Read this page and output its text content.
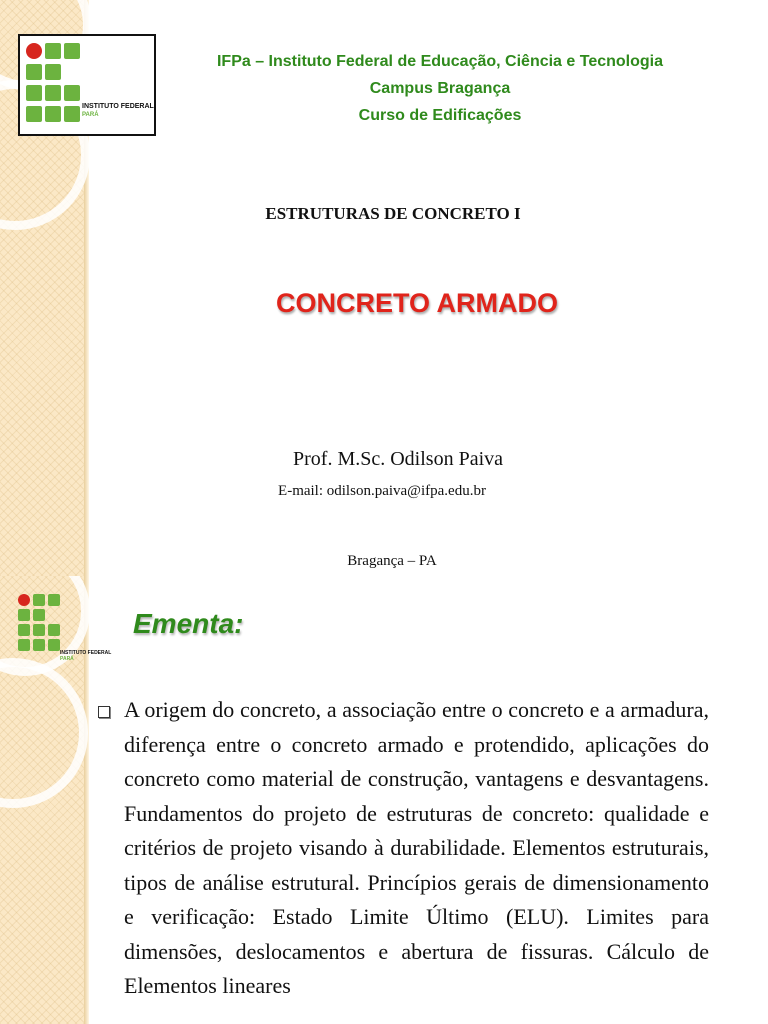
INSTITUTO FEDERAL
PARÁ
IFPa – Instituto Federal de Educação, Ciência e Tecnologia
Campus Bragança
Curso de Edificações
ESTRUTURAS DE CONCRETO I
CONCRETO ARMADO
Prof. M.Sc. Odilson Paiva
E-mail: odilson.paiva@ifpa.edu.br
Bragança – PA
INSTITUTO FEDERAL
PARÁ
Ementa:
A origem do concreto, a associação entre o concreto e a armadura, diferença entre o concreto armado e protendido, aplicações do concreto como material de construção, vantagens e desvantagens. Fundamentos do projeto de estruturas de concreto: qualidade e critérios de projeto visando à durabilidade. Elementos estruturais, tipos de análise estrutural. Princípios gerais de dimensionamento e verificação: Estado Limite Último (ELU). Limites para dimensões, deslocamentos e abertura de fissuras. Cálculo de Elementos lineares
